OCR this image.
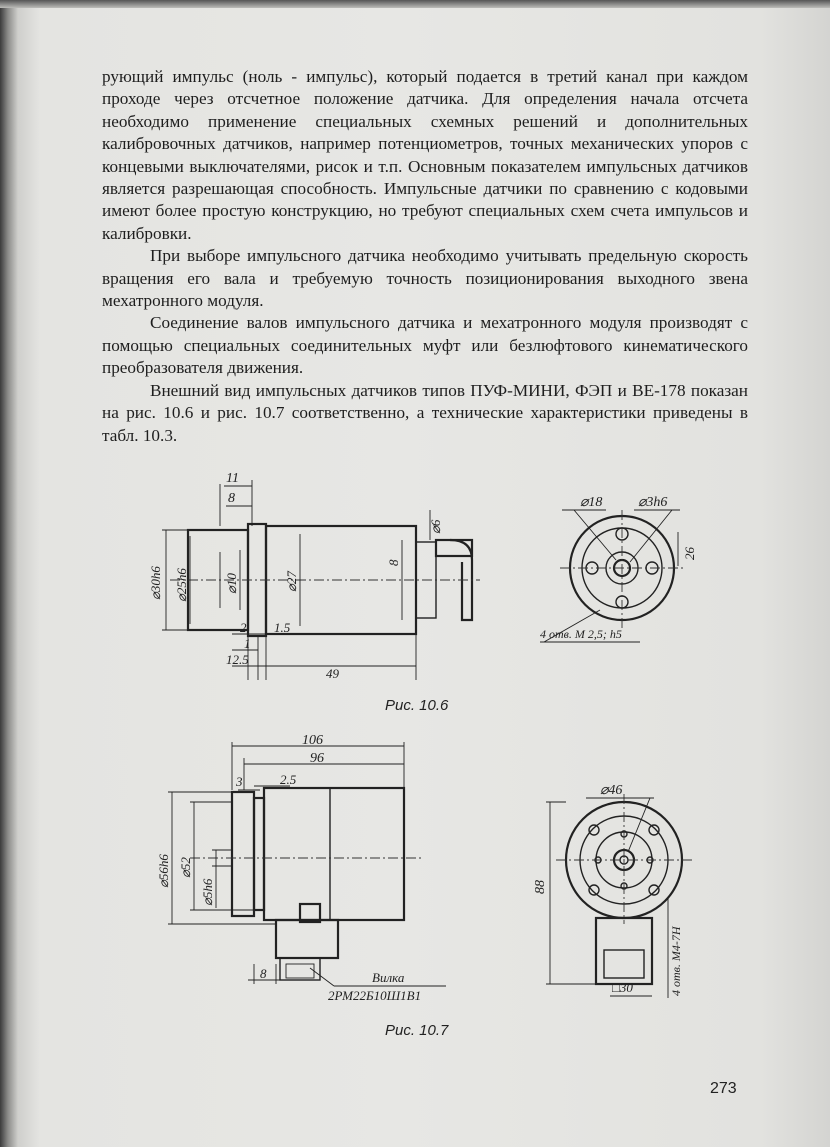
рующий импульс (ноль - импульс), который подается в третий канал при каждом проходе через отсчетное положение датчика. Для определения начала отсчета необходимо применение специальных схемных решений и дополнительных калибровочных датчиков, например потенциометров, точных механических упоров с концевыми выключателями, рисок и т.п. Основным показателем импульсных датчиков является разрешающая способность. Импульсные датчики по сравнению с кодовыми имеют более простую конструкцию, но требуют специальных схем счета импульсов и калибровки.

При выборе импульсного датчика необходимо учитывать предельную скорость вращения его вала и требуемую точность позиционирования выходного звена мехатронного модуля.

Соединение валов импульсного датчика и мехатронного модуля производят с помощью специальных соединительных муфт или безлюфтового кинематического преобразователя движения.

Внешний вид импульсных датчиков типов ПУФ-МИНИ, ФЭП и ВЕ-178 показан на рис. 10.6 и рис. 10.7 соответственно, а технические характеристики приведены в табл. 10.3.

11
8
⌀30h6 ⌀25h6	⌀10	⌀27
⌀6
8
2 1.5
1
12.5
49
⌀18	⌀3h6
26
4 отв. M 2,5; h5
Рис. 10.6
106
96
3	2.5
⌀56h6 ⌀52
⌀5h6
8	Вилка
2РМ22Б10Ш1В1
⌀46
88
□30	4 отв. M4-7H
Рис. 10.7
273
